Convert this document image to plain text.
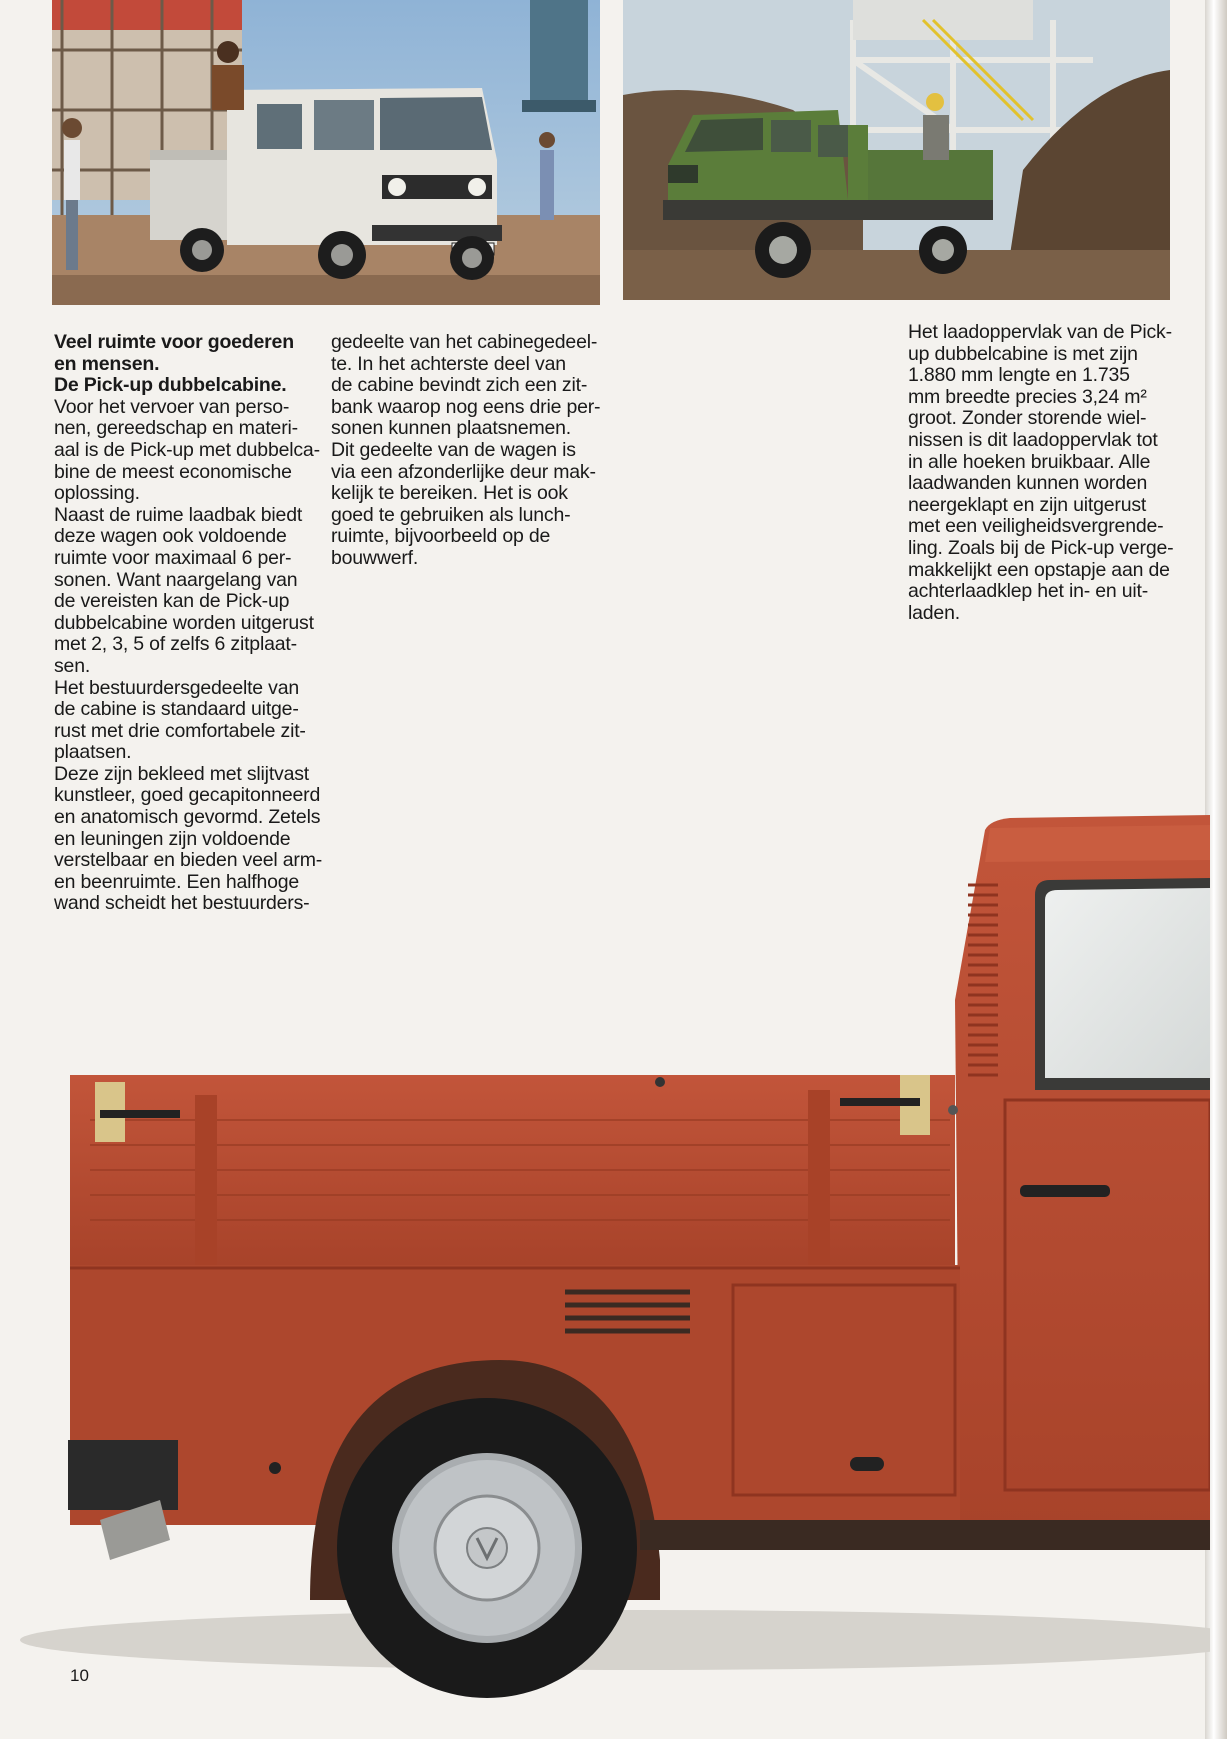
Veel ruimte voor goederen

en mensen.

De Pick-up dubbelcabine.

Voor het vervoer van perso-

nen, gereedschap en materi-

aal is de Pick-up met dubbelca-

bine de meest economische

oplossing.

Naast de ruime laadbak biedt

deze wagen ook voldoende

ruimte voor maximaal 6 per-

sonen. Want naargelang van

de vereisten kan de Pick-up

dubbelcabine worden uitgerust

met 2, 3, 5 of zelfs 6 zitplaat-

sen.

Het bestuurdersgedeelte van

de cabine is standaard uitge-

rust met drie comfortabele zit-

plaatsen.

Deze zijn bekleed met slijtvast

kunstleer, goed gecapitonneerd

en anatomisch gevormd. Zetels

en leuningen zijn voldoende

verstelbaar en bieden veel arm-

en beenruimte. Een halfhoge

wand scheidt het bestuurders-

gedeelte van het cabinegedeel-

te. In het achterste deel van

de cabine bevindt zich een zit-

bank waarop nog eens drie per-

sonen kunnen plaatsnemen.

Dit gedeelte van de wagen is

via een afzonderlijke deur mak-

kelijk te bereiken. Het is ook

goed te gebruiken als lunch-

ruimte, bijvoorbeeld op de

bouwwerf.

Het laadoppervlak van de Pick-

up dubbelcabine is met zijn

1.880 mm lengte en 1.735

mm breedte precies 3,24 m²

groot. Zonder storende wiel-

nissen is dit laadoppervlak tot

in alle hoeken bruikbaar. Alle

laadwanden kunnen worden

neergeklapt en zijn uitgerust

met een veiligheidsvergrende-

ling. Zoals bij de Pick-up verge-

makkelijkt een opstapje aan de

achterlaadklep het in- en uit-

laden.

10
